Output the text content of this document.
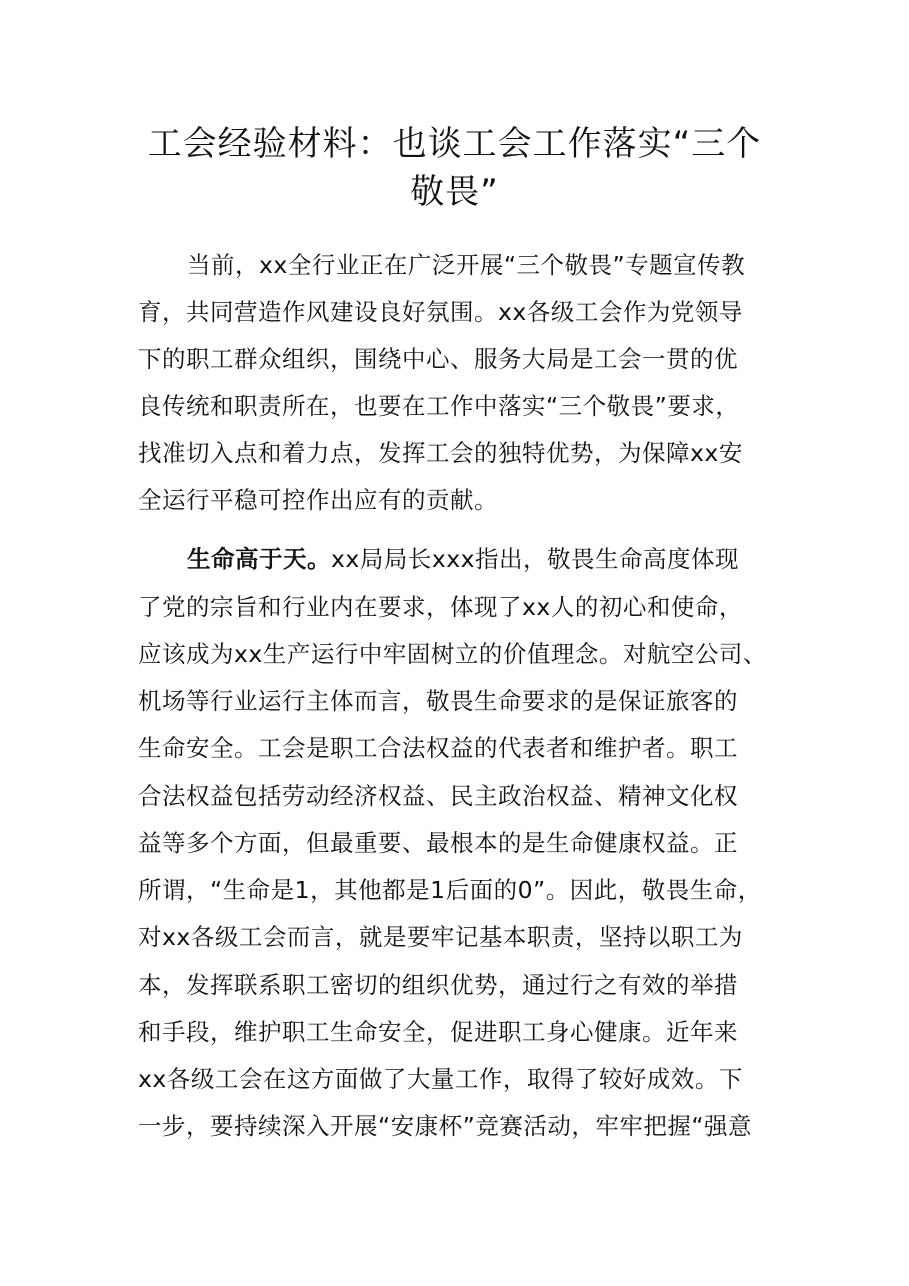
工会经验材料：也谈工会工作落实“三个
敬畏”
当前，xx全行业正在广泛开展“三个敬畏”专题宣传教
育，共同营造作风建设良好氛围。xx各级工会作为党领导
下的职工群众组织，围绕中心、服务大局是工会一贯的优
良传统和职责所在，也要在工作中落实“三个敬畏”要求，
找准切入点和着力点，发挥工会的独特优势，为保障xx安
全运行平稳可控作出应有的贡献。
生命高于天。xx局局长xxx指出，敬畏生命高度体现
了党的宗旨和行业内在要求，体现了xx人的初心和使命，
应该成为xx生产运行中牢固树立的价值理念。对航空公司、
机场等行业运行主体而言，敬畏生命要求的是保证旅客的
生命安全。工会是职工合法权益的代表者和维护者。职工
合法权益包括劳动经济权益、民主政治权益、精神文化权
益等多个方面，但最重要、最根本的是生命健康权益。正
所谓，“生命是1，其他都是1后面的0”。因此，敬畏生命，
对xx各级工会而言，就是要牢记基本职责，坚持以职工为
本，发挥联系职工密切的组织优势，通过行之有效的举措
和手段，维护职工生命安全，促进职工身心健康。近年来
xx各级工会在这方面做了大量工作，取得了较好成效。下
一步，要持续深入开展“安康杯”竞赛活动，牢牢把握“强意
